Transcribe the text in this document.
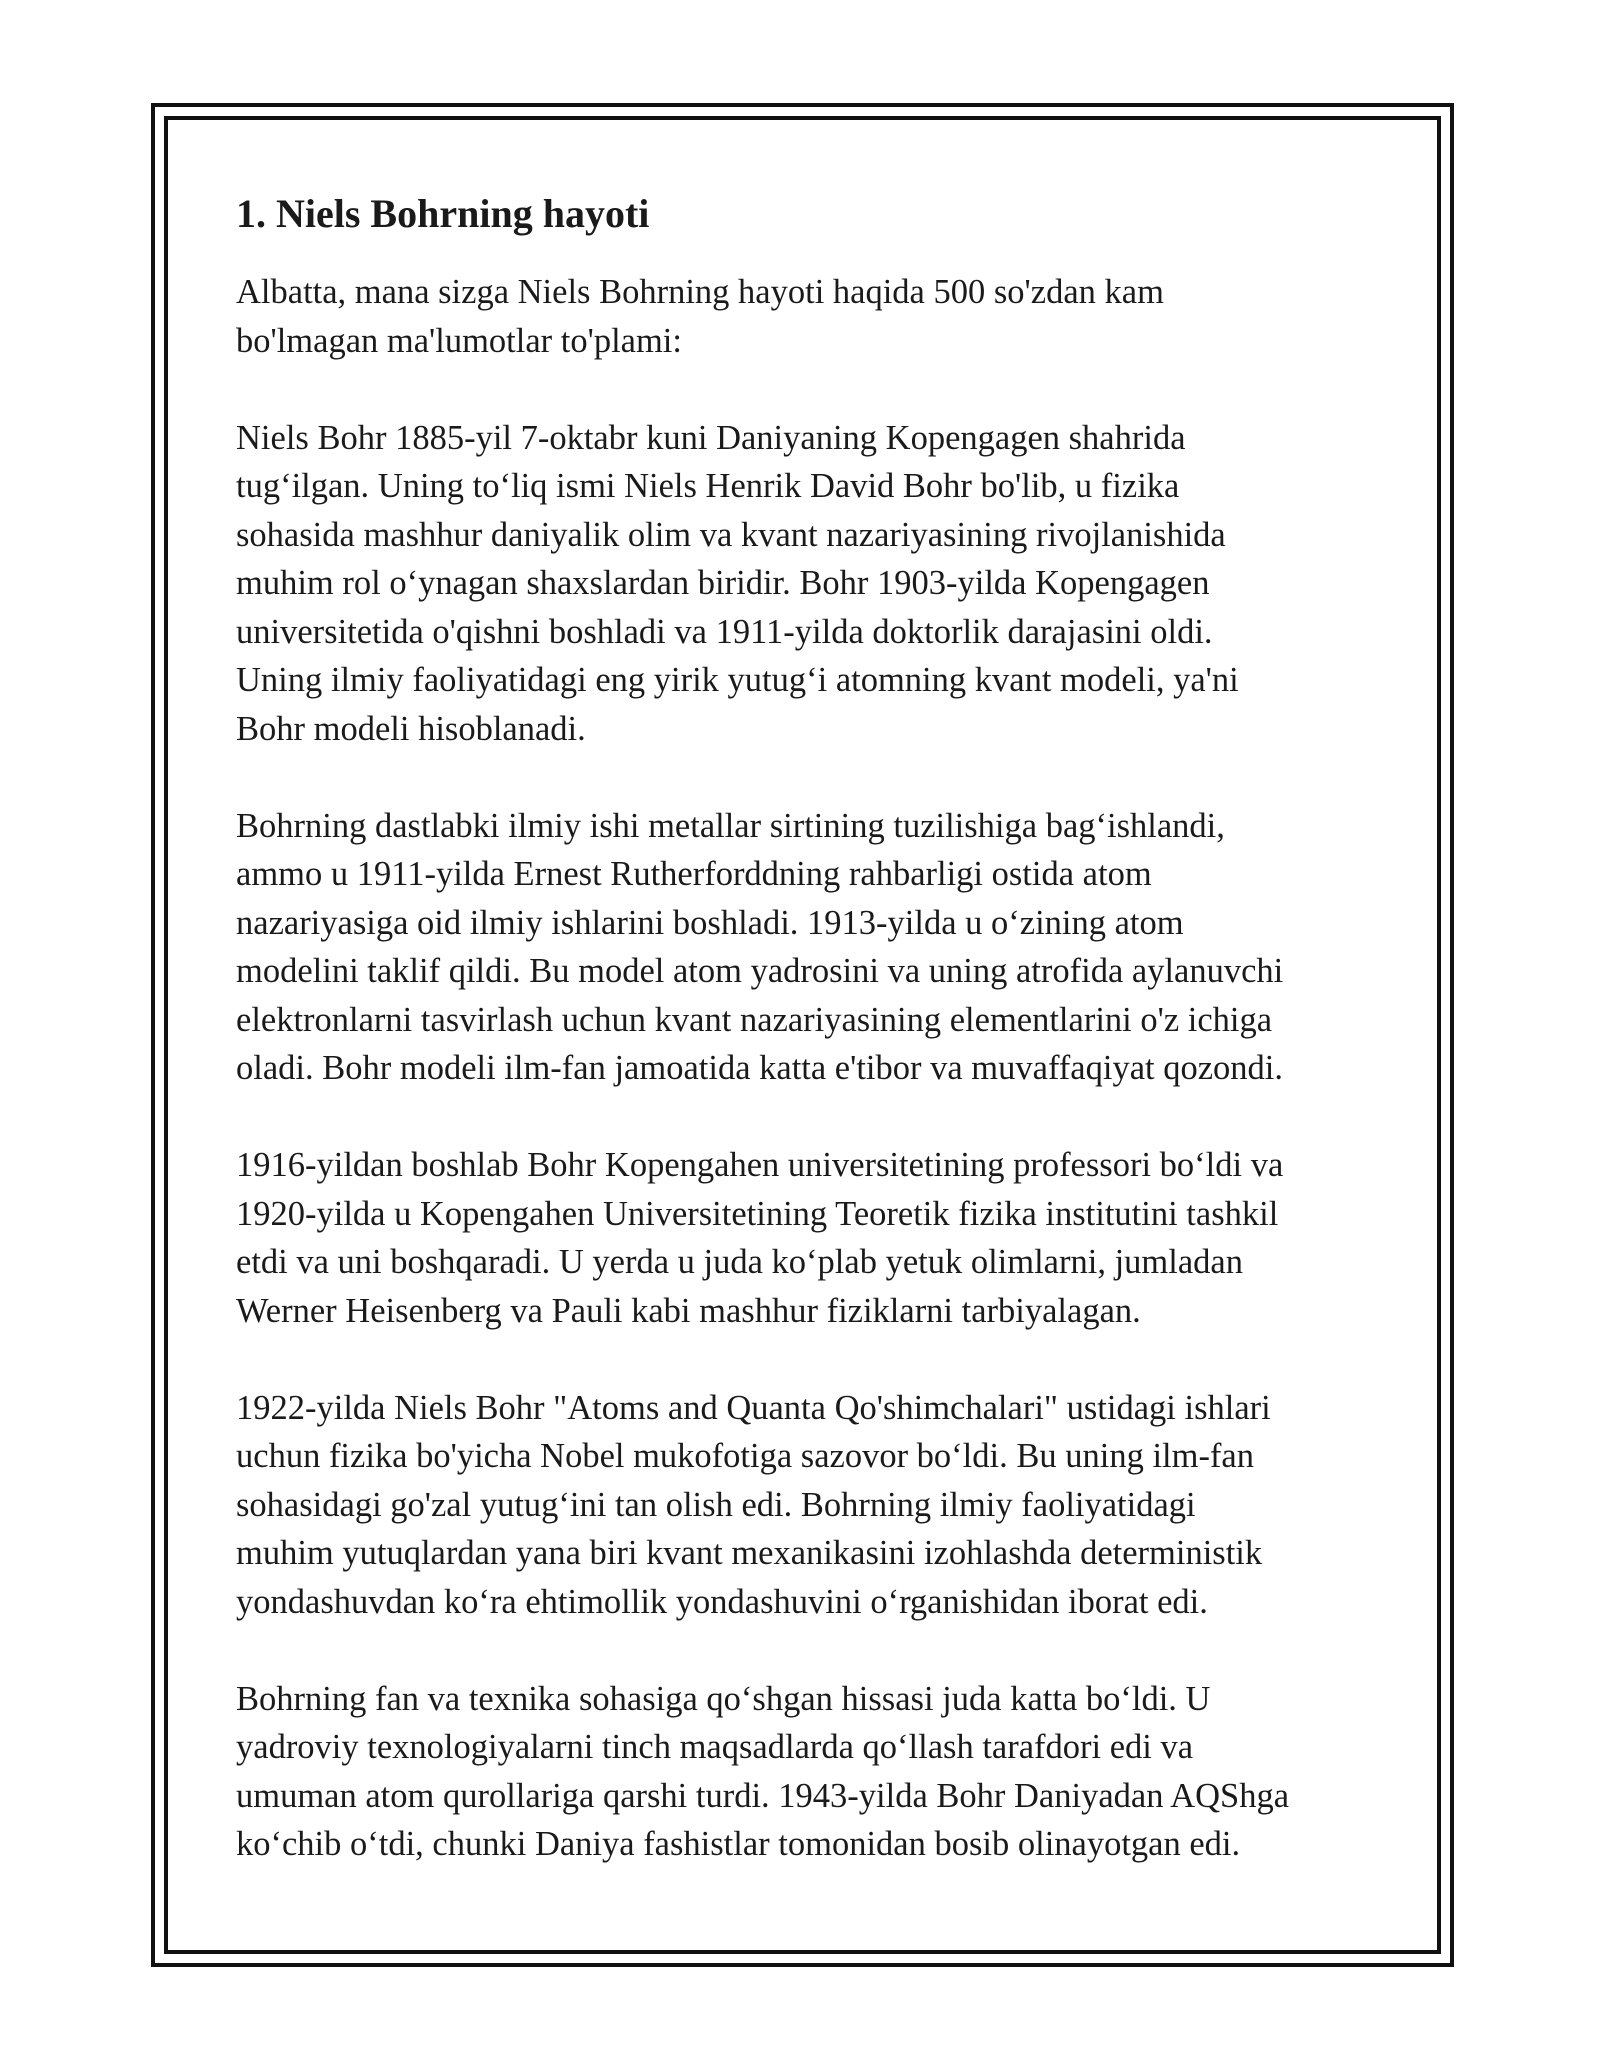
1. Niels Bohrning hayoti

Albatta, mana sizga Niels Bohrning hayoti haqida 500 so'zdan kam
bo'lmagan ma'lumotlar to'plami:

Niels Bohr 1885-yil 7-oktabr kuni Daniyaning Kopengagen shahrida
tug‘ilgan. Uning to‘liq ismi Niels Henrik David Bohr bo'lib, u fizika
sohasida mashhur daniyalik olim va kvant nazariyasining rivojlanishida
muhim rol o‘ynagan shaxslardan biridir. Bohr 1903-yilda Kopengagen
universitetida o'qishni boshladi va 1911-yilda doktorlik darajasini oldi.
Uning ilmiy faoliyatidagi eng yirik yutug‘i atomning kvant modeli, ya'ni
Bohr modeli hisoblanadi.

Bohrning dastlabki ilmiy ishi metallar sirtining tuzilishiga bag‘ishlandi,
ammo u 1911-yilda Ernest Rutherforddning rahbarligi ostida atom
nazariyasiga oid ilmiy ishlarini boshladi. 1913-yilda u o‘zining atom
modelini taklif qildi. Bu model atom yadrosini va uning atrofida aylanuvchi
elektronlarni tasvirlash uchun kvant nazariyasining elementlarini o'z ichiga
oladi. Bohr modeli ilm-fan jamoatida katta e'tibor va muvaffaqiyat qozondi.

1916-yildan boshlab Bohr Kopengahen universitetining professori bo‘ldi va
1920-yilda u Kopengahen Universitetining Teoretik fizika institutini tashkil
etdi va uni boshqaradi. U yerda u juda ko‘plab yetuk olimlarni, jumladan
Werner Heisenberg va Pauli kabi mashhur fiziklarni tarbiyalagan.

1922-yilda Niels Bohr "Atoms and Quanta Qo'shimchalari" ustidagi ishlari
uchun fizika bo'yicha Nobel mukofotiga sazovor bo‘ldi. Bu uning ilm-fan
sohasidagi go'zal yutug‘ini tan olish edi. Bohrning ilmiy faoliyatidagi
muhim yutuqlardan yana biri kvant mexanikasini izohlashda deterministik
yondashuvdan ko‘ra ehtimollik yondashuvini o‘rganishidan iborat edi.

Bohrning fan va texnika sohasiga qo‘shgan hissasi juda katta bo‘ldi. U
yadroviy texnologiyalarni tinch maqsadlarda qo‘llash tarafdori edi va
umuman atom qurollariga qarshi turdi. 1943-yilda Bohr Daniyadan AQShga
ko‘chib o‘tdi, chunki Daniya fashistlar tomonidan bosib olinayotgan edi.
